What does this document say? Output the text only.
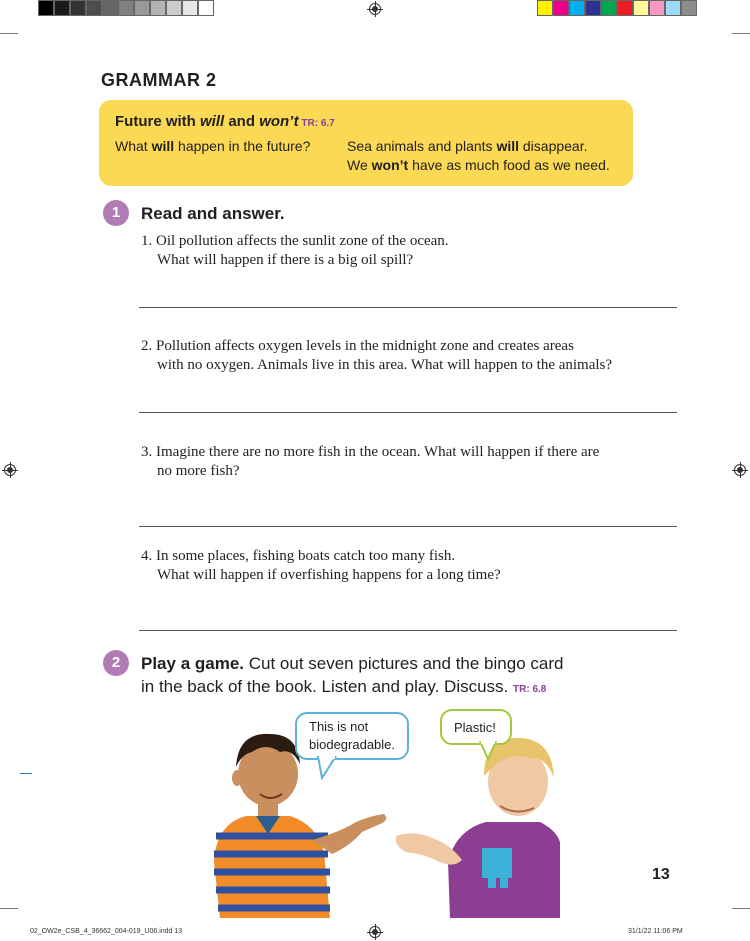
GRAMMAR 2
Future with will and won’t TR: 6.7
What will happen in the future?	Sea animals and plants will disappear.
We won’t have as much food as we need.
1	Read and answer.
1. Oil pollution affects the sunlit zone of the ocean.
What will happen if there is a big oil spill?
2. Pollution affects oxygen levels in the midnight zone and creates areas
with no oxygen. Animals live in this area. What will happen to the animals?
3. Imagine there are no more fish in the ocean. What will happen if there are
no more fish?
4. In some places, fishing boats catch too many fish.
What will happen if overfishing happens for a long time?
2	Play a game. Cut out seven pictures and the bingo card
in the back of the book. Listen and play. Discuss. TR: 6.8
This is not
biodegradable.
Plastic!
13
02_OW2e_CSB_4_36662_004-019_U06.indd 13	31/1/22 11:06 PM
